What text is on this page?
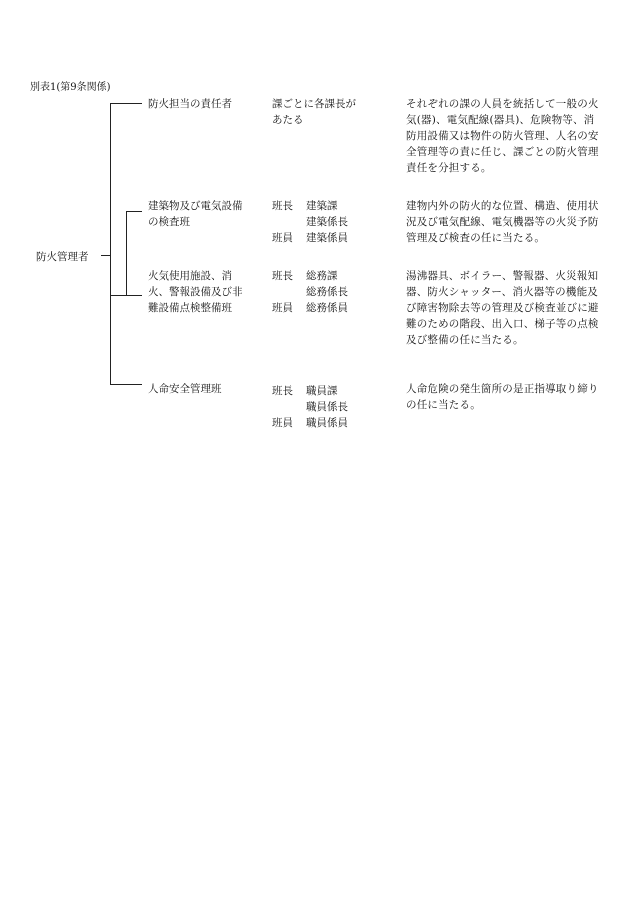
別表1(第9条関係)
防火管理者
防火担当の責任者	課ごとに各課長があたる
それぞれの課の人員を統括して一般の火気(器)、電気配線(器具)、危険物等、消防用設備又は物件の防火管理、人名の安全管理等の責に任じ、課ごとの防火管理責任を分担する。
建築物及び電気設備の検査班
班長 建築課
建築係長
班員 建築係員
建物内外の防火的な位置、構造、使用状況及び電気配線、電気機器等の火災予防管理及び検査の任に当たる。
火気使用施設、消火、警報設備及び非難設備点検整備班
班長 総務課
総務係長
班員 総務係員
湯沸器具、ボイラー、警報器、火災報知器、防火シャッター、消火器等の機能及び障害物除去等の管理及び検査並びに避難のための階段、出入口、梯子等の点検及び整備の任に当たる。
人命安全管理班	班長 職員課
職員係長
班員 職員係員
人命危険の発生箇所の是正指導取り締りの任に当たる。
